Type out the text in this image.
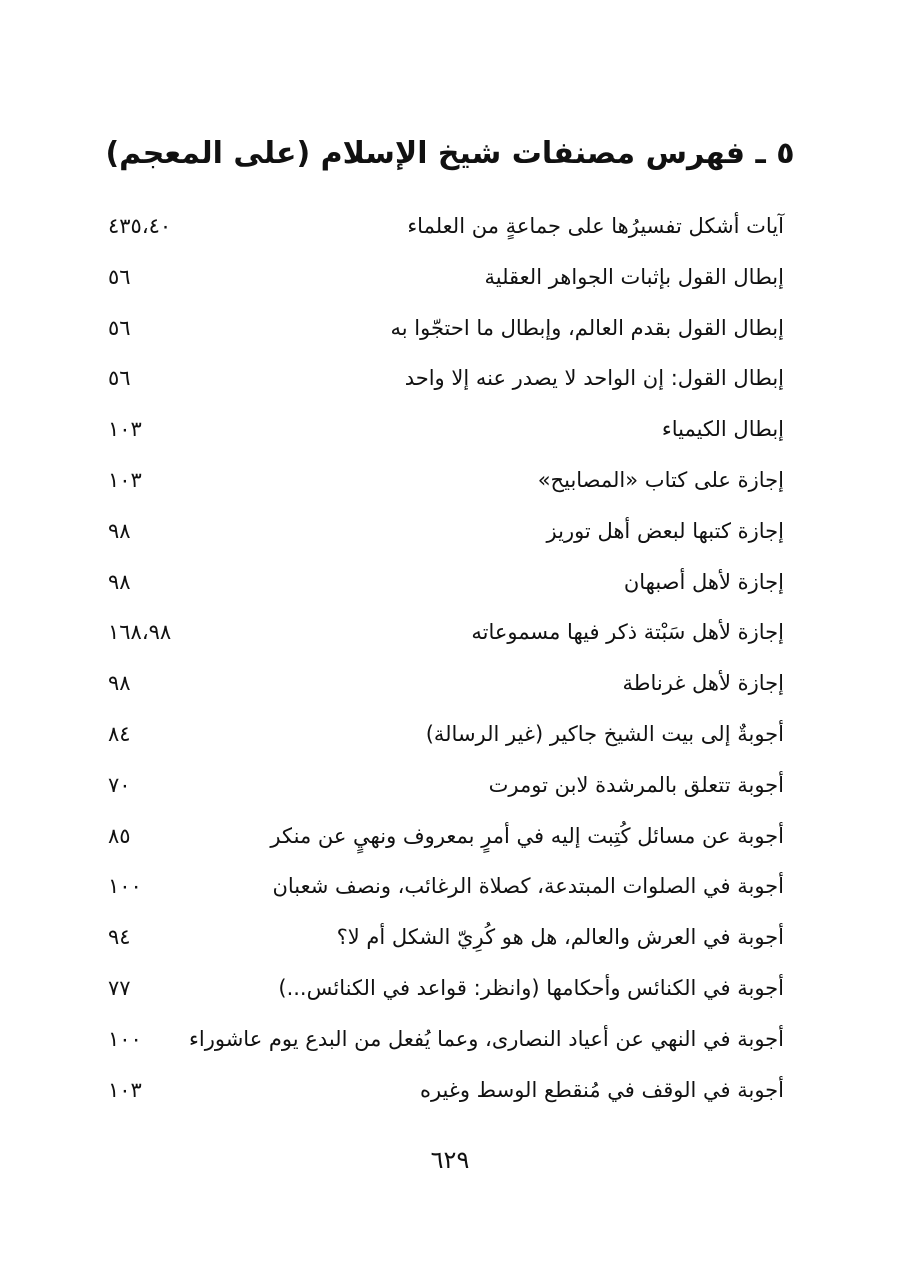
٥ ـ فهرس مصنفات شيخ الإسلام (على المعجم)
آيات أشكل تفسيرُها على جماعةٍ من العلماء
٤٣٥،٤٠
إبطال القول بإثبات الجواهر العقلية
٥٦
إبطال القول بقدم العالم، وإبطال ما احتجّوا به
٥٦
إبطال القول: إن الواحد لا يصدر عنه إلا واحد
٥٦
إبطال الكيمياء
١٠٣
إجازة على كتاب «المصابيح»
١٠٣
إجازة كتبها لبعض أهل توريز
٩٨
إجازة لأهل أصبهان
٩٨
إجازة لأهل سَبْتة ذكر فيها مسموعاته
١٦٨،٩٨
إجازة لأهل غرناطة
٩٨
أجوبةٌ إلى بيت الشيخ جاكير (غير الرسالة)
٨٤
أجوبة تتعلق بالمرشدة لابن تومرت
٧٠
أجوبة عن مسائل كُتِبت إليه في أمرٍ بمعروف ونهيٍ عن منكر
٨٥
أجوبة في الصلوات المبتدعة، كصلاة الرغائب، ونصف شعبان
١٠٠
أجوبة في العرش والعالم، هل هو كُرِيّ الشكل أم لا؟
٩٤
أجوبة في الكنائس وأحكامها (وانظر: قواعد في الكنائس...)
٧٧
أجوبة في النهي عن أعياد النصارى، وعما يُفعل من البدع يوم عاشوراء
١٠٠
أجوبة في الوقف في مُنقطع الوسط وغيره
١٠٣
٦٢٩
